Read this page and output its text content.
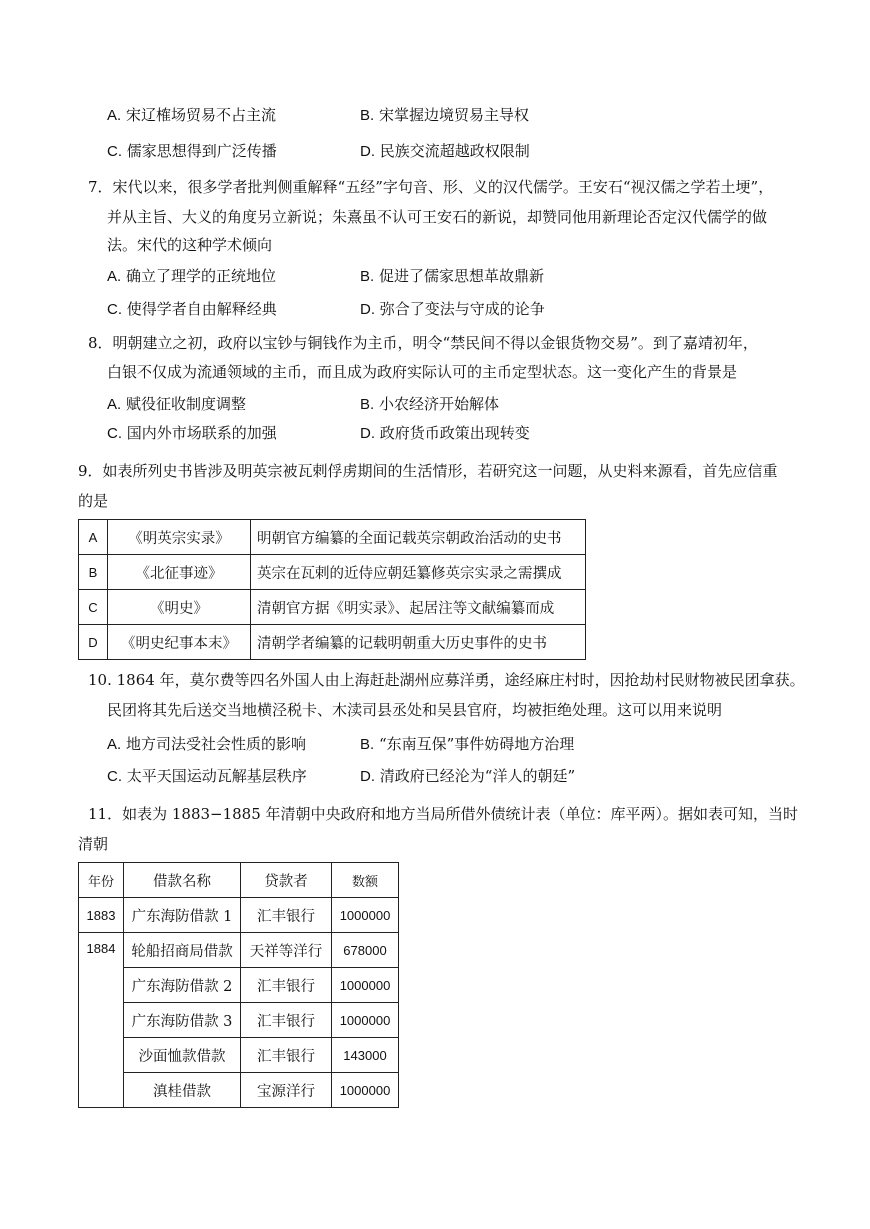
A. 宋辽榷场贸易不占主流	B. 宋掌握边境贸易主导权
C. 儒家思想得到广泛传播	D. 民族交流超越政权限制
7．宋代以来，很多学者批判侧重解释“五经”字句音、形、义的汉代儒学。王安石“视汉儒之学若土埂”，
并从主旨、大义的角度另立新说；朱熹虽不认可王安石的新说，却赞同他用新理论否定汉代儒学的做
法。宋代的这种学术倾向
A. 确立了理学的正统地位	B. 促进了儒家思想革故鼎新
C. 使得学者自由解释经典	D. 弥合了变法与守成的论争
8．明朝建立之初，政府以宝钞与铜钱作为主币，明令“禁民间不得以金银货物交易”。到了嘉靖初年，
白银不仅成为流通领域的主币，而且成为政府实际认可的主币定型状态。这一变化产生的背景是
A. 赋役征收制度调整	B. 小农经济开始解体
C. 国内外市场联系的加强	D. 政府货币政策出现转变
9．如表所列史书皆涉及明英宗被瓦剌俘虏期间的生活情形，若研究这一问题，从史料来源看，首先应信重
的是
A	《明英宗实录》	明朝官方编纂的全面记载英宗朝政治活动的史书
B	《北征事迹》	英宗在瓦剌的近侍应朝廷纂修英宗实录之需撰成
C	《明史》	清朝官方据《明实录》、起居注等文献编纂而成
D	《明史纪事本末》	清朝学者编纂的记载明朝重大历史事件的史书
10. 1864 年，莫尔费等四名外国人由上海赶赴湖州应募洋勇，途经麻庄村时，因抢劫村民财物被民团拿获。
民团将其先后送交当地横泾税卡、木渎司县丞处和吴县官府，均被拒绝处理。这可以用来说明
A. 地方司法受社会性质的影响	B. “东南互保”事件妨碍地方治理
C. 太平天国运动瓦解基层秩序	D. 清政府已经沦为“洋人的朝廷”
11．如表为 1883−1885 年清朝中央政府和地方当局所借外债统计表（单位：库平两）。据如表可知，当时
清朝
年份	借款名称	贷款者	数额
1883	广东海防借款 1	汇丰银行	1000000
1884	轮船招商局借款	天祥等洋行	678000
	广东海防借款 2	汇丰银行	1000000
	广东海防借款 3	汇丰银行	1000000
	沙面恤款借款	汇丰银行	143000
	滇桂借款	宝源洋行	1000000
